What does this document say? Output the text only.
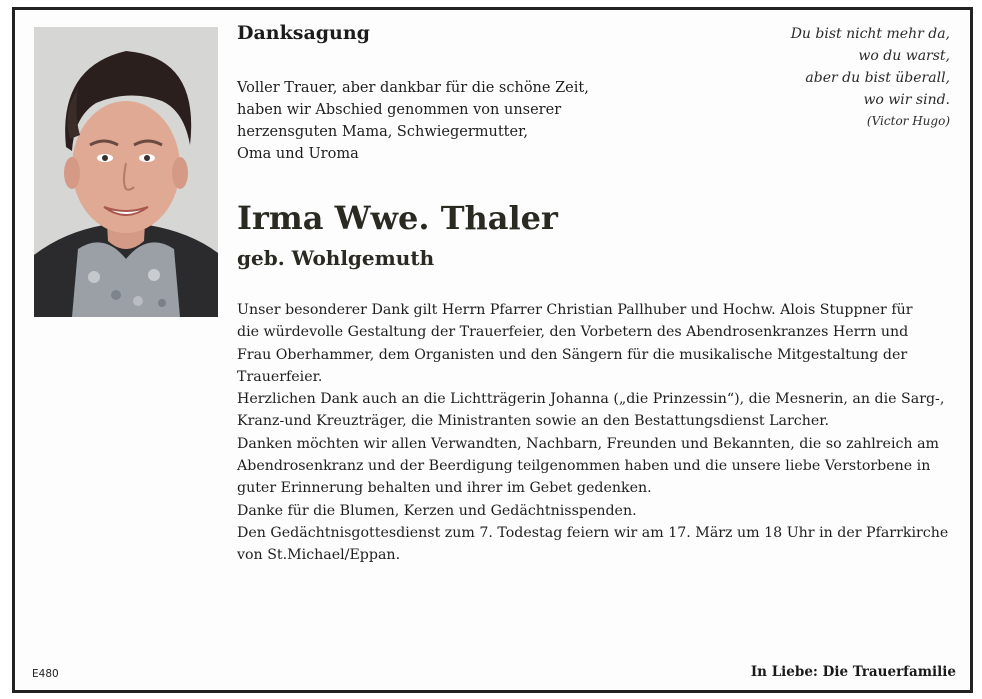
Danksagung

Voller Trauer, aber dankbar für die schöne Zeit,
haben wir Abschied genommen von unserer
herzensguten Mama, Schwiegermutter,
Oma und Uroma

Du bist nicht mehr da,
wo du warst,
aber du bist überall,
wo wir sind.
(Victor Hugo)
Irma Wwe. Thaler
geb. Wohlgemuth

Unser besonderer Dank gilt Herrn Pfarrer Christian Pallhuber und Hochw. Alois Stuppner für
die würdevolle Gestaltung der Trauerfeier, den Vorbetern des Abendrosenkranzes Herrn und
Frau Oberhammer, dem Organisten und den Sängern für die musikalische Mitgestaltung der
Trauerfeier.
Herzlichen Dank auch an die Lichtträgerin Johanna („die Prinzessin“), die Mesnerin, an die Sarg-,
Kranz-und Kreuzträger, die Ministranten sowie an den Bestattungsdienst Larcher.
Danken möchten wir allen Verwandten, Nachbarn, Freunden und Bekannten, die so zahlreich am
Abendrosenkranz und der Beerdigung teilgenommen haben und die unsere liebe Verstorbene in
guter Erinnerung behalten und ihrer im Gebet gedenken.
Danke für die Blumen, Kerzen und Gedächtnisspenden.
Den Gedächtnisgottesdienst zum 7. Todestag feiern wir am 17. März um 18 Uhr in der Pfarrkirche
von St.Michael/Eppan.

E480	In Liebe: Die Trauerfamilie
